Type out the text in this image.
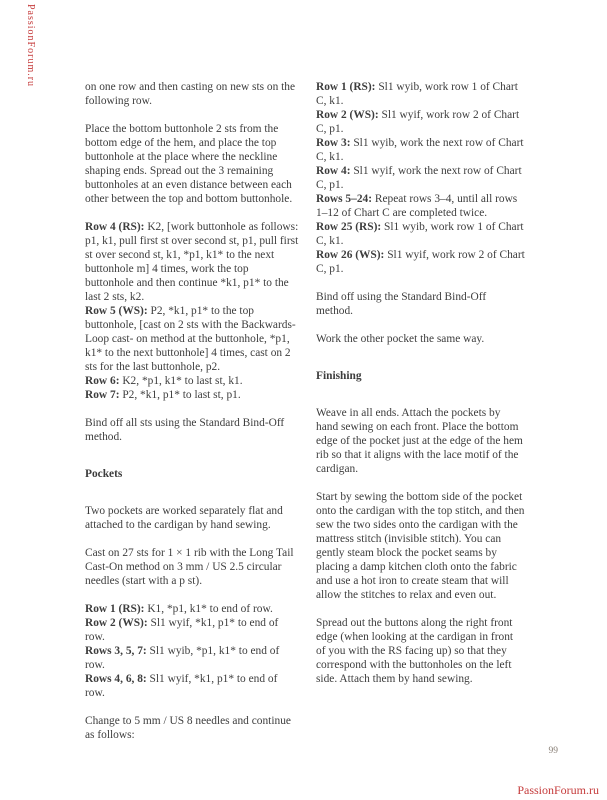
PassionForum.ru	on one row and then casting on new sts on the following row.

Place the bottom buttonhole 2 sts from the bottom edge of the hem, and place the top buttonhole at the place where the neckline shaping ends. Spread out the 3 remaining buttonholes at an even distance between each other between the top and bottom buttonhole.

Row 4 (RS): K2, [work buttonhole as follows: p1, k1, pull first st over second st, p1, pull first st over second st, k1, *p1, k1* to the next buttonhole m] 4 times, work the top buttonhole and then continue *k1, p1* to the last 2 sts, k2.

Row 5 (WS): P2, *k1, p1* to the top buttonhole, [cast on 2 sts with the Backwards-Loop cast- on method at the buttonhole, *p1, k1* to the next buttonhole] 4 times, cast on 2 sts for the last buttonhole, p2.

Row 6: K2, *p1, k1* to last st, k1.

Row 7: P2, *k1, p1* to last st, p1.

Bind off all sts using the Standard Bind-Off method.

Pockets

Two pockets are worked separately flat and attached to the cardigan by hand sewing.

Cast on 27 sts for 1 × 1 rib with the Long Tail Cast-On method on 3 mm / US 2.5 circular needles (start with a p st).

Row 1 (RS): K1, *p1, k1* to end of row.

Row 2 (WS): Sl1 wyif, *k1, p1* to end of row.

Rows 3, 5, 7: Sl1 wyib, *p1, k1* to end of row.

Rows 4, 6, 8: Sl1 wyif, *k1, p1* to end of row.

Change to 5 mm / US 8 needles and continue as follows:

Row 1 (RS): Sl1 wyib, work row 1 of Chart C, k1.

Row 2 (WS): Sl1 wyif, work row 2 of Chart C, p1.

Row 3: Sl1 wyib, work the next row of Chart C, k1.

Row 4: Sl1 wyif, work the next row of Chart C, p1.

Rows 5–24: Repeat rows 3–4, until all rows 1–12 of Chart C are completed twice.

Row 25 (RS): Sl1 wyib, work row 1 of Chart C, k1.

Row 26 (WS): Sl1 wyif, work row 2 of Chart C, p1.

Bind off using the Standard Bind-Off method.

Work the other pocket the same way.

Finishing

Weave in all ends. Attach the pockets by hand sewing on each front. Place the bottom edge of the pocket just at the edge of the hem rib so that it aligns with the lace motif of the cardigan.

Start by sewing the bottom side of the pocket onto the cardigan with the top stitch, and then sew the two sides onto the cardigan with the mattress stitch (invisible stitch). You can gently steam block the pocket seams by placing a damp kitchen cloth onto the fabric and use a hot iron to create steam that will allow the stitches to relax and even out.

Spread out the buttons along the right front edge (when looking at the cardigan in front of you with the RS facing up) so that they correspond with the buttonholes on the left side. Attach them by hand sewing.

99
PassionForum.ru
